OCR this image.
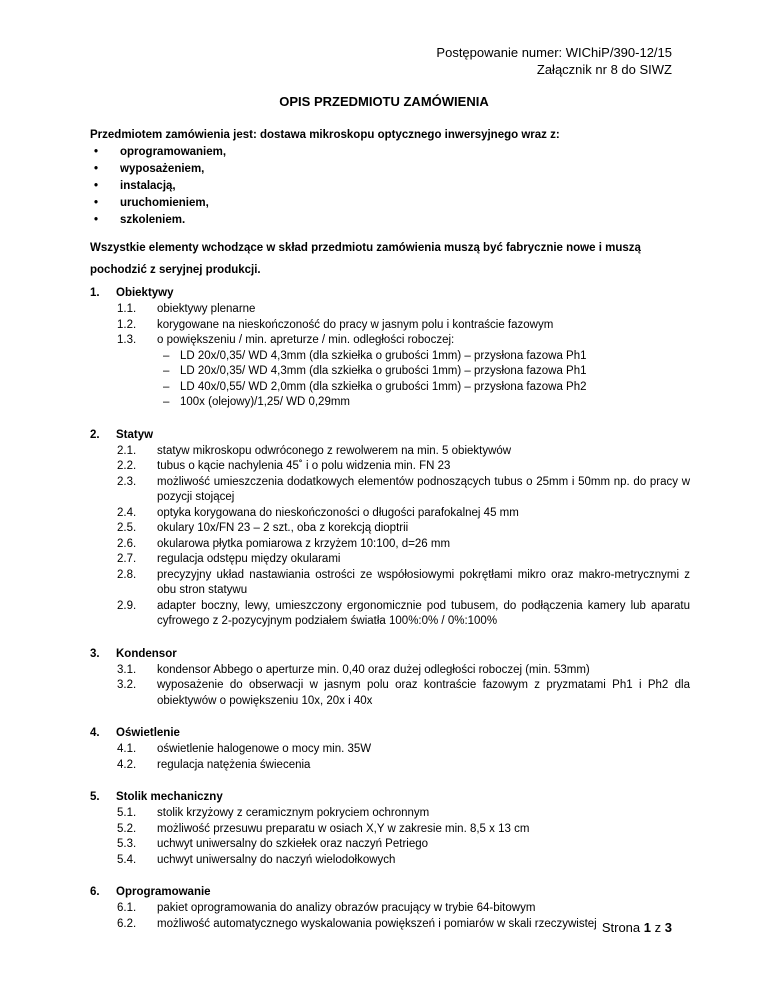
Postępowanie numer: WIChiP/390-12/15
Załącznik nr 8 do SIWZ
OPIS PRZEDMIOTU ZAMÓWIENIA
Przedmiotem zamówienia jest: dostawa mikroskopu optycznego inwersyjnego wraz z:
• oprogramowaniem,
• wyposażeniem,
• instalacją,
• uruchomieniem,
• szkoleniem.
Wszystkie elementy wchodzące w skład przedmiotu zamówienia muszą być fabrycznie nowe i muszą pochodzić z seryjnej produkcji.
1.	Obiektywy
1.1.	obiektywy plenarne
1.2.	korygowane na nieskończoność do pracy w jasnym polu i kontraście fazowym
1.3.	o powiększeniu / min. apreturze / min. odległości roboczej:
– LD 20x/0,35/ WD 4,3mm (dla szkiełka o grubości 1mm) – przysłona fazowa Ph1
– LD 20x/0,35/ WD 4,3mm (dla szkiełka o grubości 1mm) – przysłona fazowa Ph1
– LD 40x/0,55/ WD 2,0mm (dla szkiełka o grubości 1mm) – przysłona fazowa Ph2
– 100x (olejowy)/1,25/ WD 0,29mm
2.	Statyw
2.1.	statyw mikroskopu odwróconego z rewolwerem na min. 5 obiektywów
2.2.	tubus o kącie nachylenia 45˚ i o polu widzenia min. FN 23
2.3.	możliwość umieszczenia dodatkowych elementów podnoszących tubus o 25mm i 50mm np. do pracy w pozycji stojącej
2.4.	optyka korygowana do nieskończoności o długości parafokalnej 45 mm
2.5.	okulary 10x/FN 23 – 2 szt., oba z korekcją dioptrii
2.6.	okularowa płytka pomiarowa z krzyżem 10:100, d=26 mm
2.7.	regulacja odstępu między okularami
2.8.	precyzyjny układ nastawiania ostrości ze współosiowymi pokrętłami mikro oraz makro-metrycznymi z obu stron statywu
2.9.	adapter boczny, lewy, umieszczony ergonomicznie pod tubusem, do podłączenia kamery lub aparatu cyfrowego z 2-pozycyjnym podziałem światła 100%:0% / 0%:100%
3.	Kondensor
3.1.	kondensor Abbego o aperturze min. 0,40 oraz dużej odległości roboczej (min. 53mm)
3.2.	wyposażenie do obserwacji w jasnym polu oraz kontraście fazowym z pryzmatami Ph1 i Ph2 dla obiektywów o powiększeniu 10x, 20x i 40x
4.	Oświetlenie
4.1.	oświetlenie halogenowe o mocy min. 35W
4.2.	regulacja natężenia świecenia
5.	Stolik mechaniczny
5.1.	stolik krzyżowy z ceramicznym pokryciem ochronnym
5.2.	możliwość przesuwu preparatu w osiach X,Y w zakresie min. 8,5 x 13 cm
5.3.	uchwyt uniwersalny do szkiełek oraz naczyń Petriego
5.4.	uchwyt uniwersalny do naczyń wielodołkowych
6.	Oprogramowanie
6.1.	pakiet oprogramowania do analizy obrazów pracujący w trybie 64-bitowym
6.2.	możliwość automatycznego wyskalowania powiększeń i pomiarów w skali rzeczywistej Strona 1 z 3
